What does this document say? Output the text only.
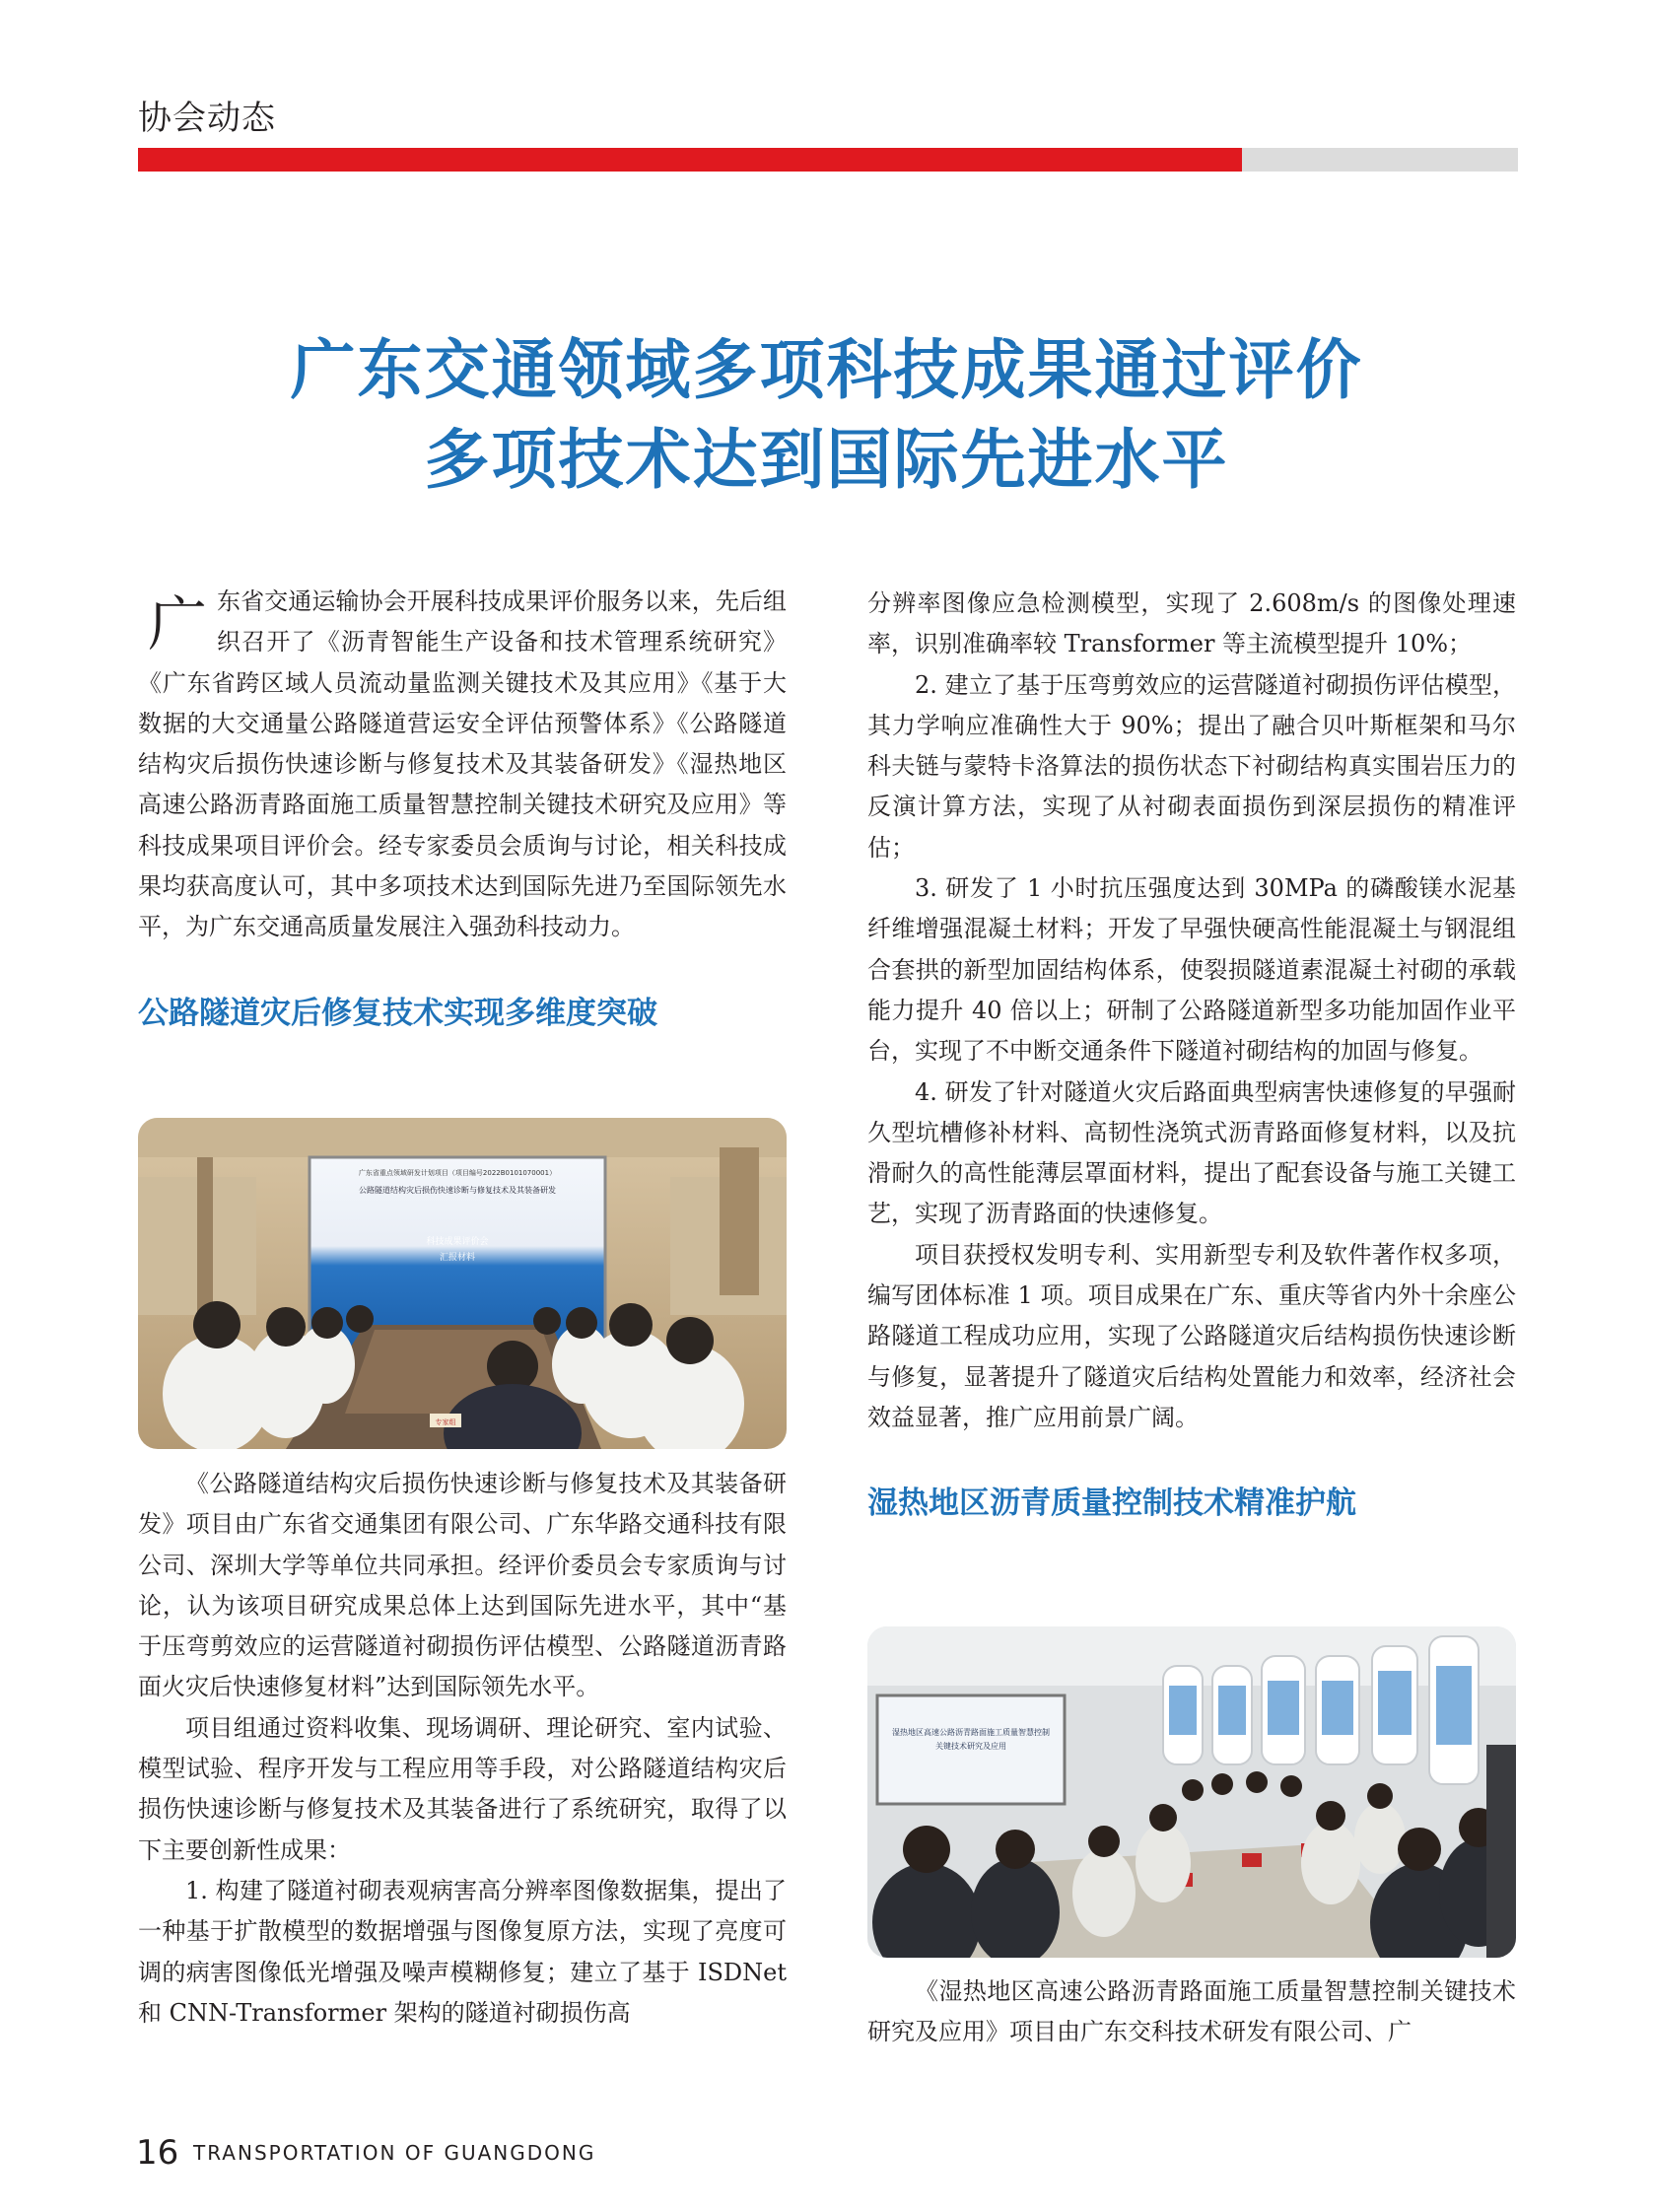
协会动态
广东交通领域多项科技成果通过评价
多项技术达到国际先进水平
广 东省交通运输协会开展科技成果评价服务以来，先后组织召开了《沥青智能生产设备和技术管理系统研究》《广东省跨区域人员流动量监测关键技术及其应用》《基于大数据的大交通量公路隧道营运安全评估预警体系》《公路隧道结构灾后损伤快速诊断与修复技术及其装备研发》《湿热地区高速公路沥青路面施工质量智慧控制关键技术研究及应用》等科技成果项目评价会。经专家委员会质询与讨论，相关科技成果均获高度认可，其中多项技术达到国际先进乃至国际领先水平，为广东交通高质量发展注入强劲科技动力。

公路隧道灾后修复技术实现多维度突破
广东省重点领域研发计划项目（项目编号2022B0101070001）
公路隧道结构灾后损伤快速诊断与修复技术及其装备研发
科技成果评价会
汇报材料
专家组

《公路隧道结构灾后损伤快速诊断与修复技术及其装备研发》项目由广东省交通集团有限公司、广东华路交通科技有限公司、深圳大学等单位共同承担。经评价委员会专家质询与讨论，认为该项目研究成果总体上达到国际先进水平，其中“基于压弯剪效应的运营隧道衬砌损伤评估模型、公路隧道沥青路面火灾后快速修复材料”达到国际领先水平。

项目组通过资料收集、现场调研、理论研究、室内试验、模型试验、程序开发与工程应用等手段，对公路隧道结构灾后损伤快速诊断与修复技术及其装备进行了系统研究，取得了以下主要创新性成果：

1. 构建了隧道衬砌表观病害高分辨率图像数据集，提出了一种基于扩散模型的数据增强与图像复原方法，实现了亮度可调的病害图像低光增强及噪声模糊修复；建立了基于 ISDNet 和 CNN-Transformer 架构的隧道衬砌损伤高

分辨率图像应急检测模型，实现了 2.608m/s 的图像处理速率，识别准确率较 Transformer 等主流模型提升 10%；

2. 建立了基于压弯剪效应的运营隧道衬砌损伤评估模型，其力学响应准确性大于 90%；提出了融合贝叶斯框架和马尔科夫链与蒙特卡洛算法的损伤状态下衬砌结构真实围岩压力的反演计算方法，实现了从衬砌表面损伤到深层损伤的精准评估；

3. 研发了 1 小时抗压强度达到 30MPa 的磷酸镁水泥基纤维增强混凝土材料；开发了早强快硬高性能混凝土与钢混组合套拱的新型加固结构体系，使裂损隧道素混凝土衬砌的承载能力提升 40 倍以上；研制了公路隧道新型多功能加固作业平台，实现了不中断交通条件下隧道衬砌结构的加固与修复。

4. 研发了针对隧道火灾后路面典型病害快速修复的早强耐久型坑槽修补材料、高韧性浇筑式沥青路面修复材料，以及抗滑耐久的高性能薄层罩面材料，提出了配套设备与施工关键工艺，实现了沥青路面的快速修复。

项目获授权发明专利、实用新型专利及软件著作权多项，编写团体标准 1 项。项目成果在广东、重庆等省内外十余座公路隧道工程成功应用，实现了公路隧道灾后结构损伤快速诊断与修复，显著提升了隧道灾后结构处置能力和效率，经济社会效益显著，推广应用前景广阔。

湿热地区沥青质量控制技术精准护航
湿热地区高速公路沥青路面施工质量智慧控制
关键技术研究及应用

《湿热地区高速公路沥青路面施工质量智慧控制关键技术研究及应用》项目由广东交科技术研发有限公司、广

16 TRANSPORTATION OF GUANGDONG
